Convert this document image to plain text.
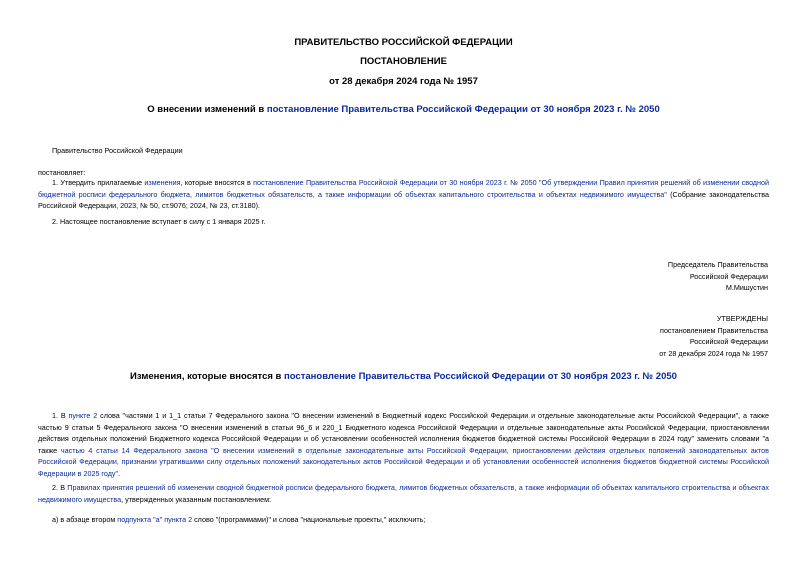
ПРАВИТЕЛЬСТВО РОССИЙСКОЙ ФЕДЕРАЦИИ
ПОСТАНОВЛЕНИЕ
от 28 декабря 2024 года № 1957
О внесении изменений в постановление Правительства Российской Федерации от 30 ноября 2023 г. № 2050
Правительство Российской Федерации
постановляет:
1. Утвердить прилагаемые изменения, которые вносятся в постановление Правительства Российской Федерации от 30 ноября 2023 г. № 2050 "Об утверждении Правил принятия решений об изменении сводной бюджетной росписи федерального бюджета, лимитов бюджетных обязательств, а также информации об объектах капитального строительства и объектах недвижимого имущества" (Собрание законодательства Российской Федерации, 2023, № 50, ст.9076; 2024, № 23, ст.3180).
2. Настоящее постановление вступает в силу с 1 января 2025 г.
Председатель Правительства
Российской Федерации
М.Мишустин
УТВЕРЖДЕНЫ
постановлением Правительства
Российской Федерации
от 28 декабря 2024 года № 1957
Изменения, которые вносятся в постановление Правительства Российской Федерации от 30 ноября 2023 г. № 2050
1. В пункте 2 слова "частями 1 и 1_1 статьи 7 Федерального закона "О внесении изменений в Бюджетный кодекс Российской Федерации и отдельные законодательные акты Российской Федерации", а также частью 9 статьи 5 Федерального закона "О внесении изменений в статьи 96_6 и 220_1 Бюджетного кодекса Российской Федерации и отдельные законодательные акты Российской Федерации, приостановлении действия отдельных положений Бюджетного кодекса Российской Федерации и об установлении особенностей исполнения бюджетов бюджетной системы Российской Федерации в 2024 году" заменить словами "а также частью 4 статьи 14 Федерального закона "О внесении изменений в отдельные законодательные акты Российской Федерации, приостановлении действия отдельных положений законодательных актов Российской Федерации, признании утратившими силу отдельных положений законодательных актов Российской Федерации и об установлении особенностей исполнения бюджетов бюджетной системы Российской Федерации в 2025 году".
2. В Правилах принятия решений об изменении сводной бюджетной росписи федерального бюджета, лимитов бюджетных обязательств, а также информации об объектах капитального строительства и объектах недвижимого имущества, утвержденных указанным постановлением:
а) в абзаце втором подпункта "а" пункта 2 слово "(программами)" и слова "национальные проекты," исключить;
